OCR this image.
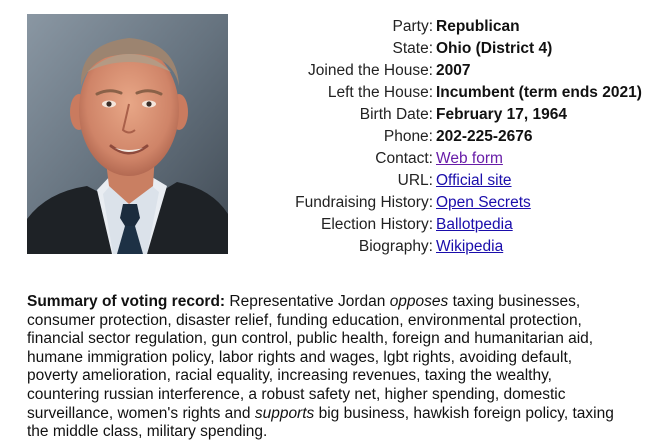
Party: Republican
State: Ohio (District 4)
Joined the House: 2007
Left the House: Incumbent (term ends 2021)
Birth Date: February 17, 1964
Phone: 202-225-2676
Contact: Web form
URL: Official site
Fundraising History: Open Secrets
Election History: Ballotpedia
Biography: Wikipedia
Summary of voting record: Representative Jordan opposes taxing businesses, consumer protection, disaster relief, funding education, environmental protection, financial sector regulation, gun control, public health, foreign and humanitarian aid, humane immigration policy, labor rights and wages, lgbt rights, avoiding default, poverty amelioration, racial equality, increasing revenues, taxing the wealthy, countering russian interference, a robust safety net, higher spending, domestic surveillance, women's rights and supports big business, hawkish foreign policy, taxing the middle class, military spending.
